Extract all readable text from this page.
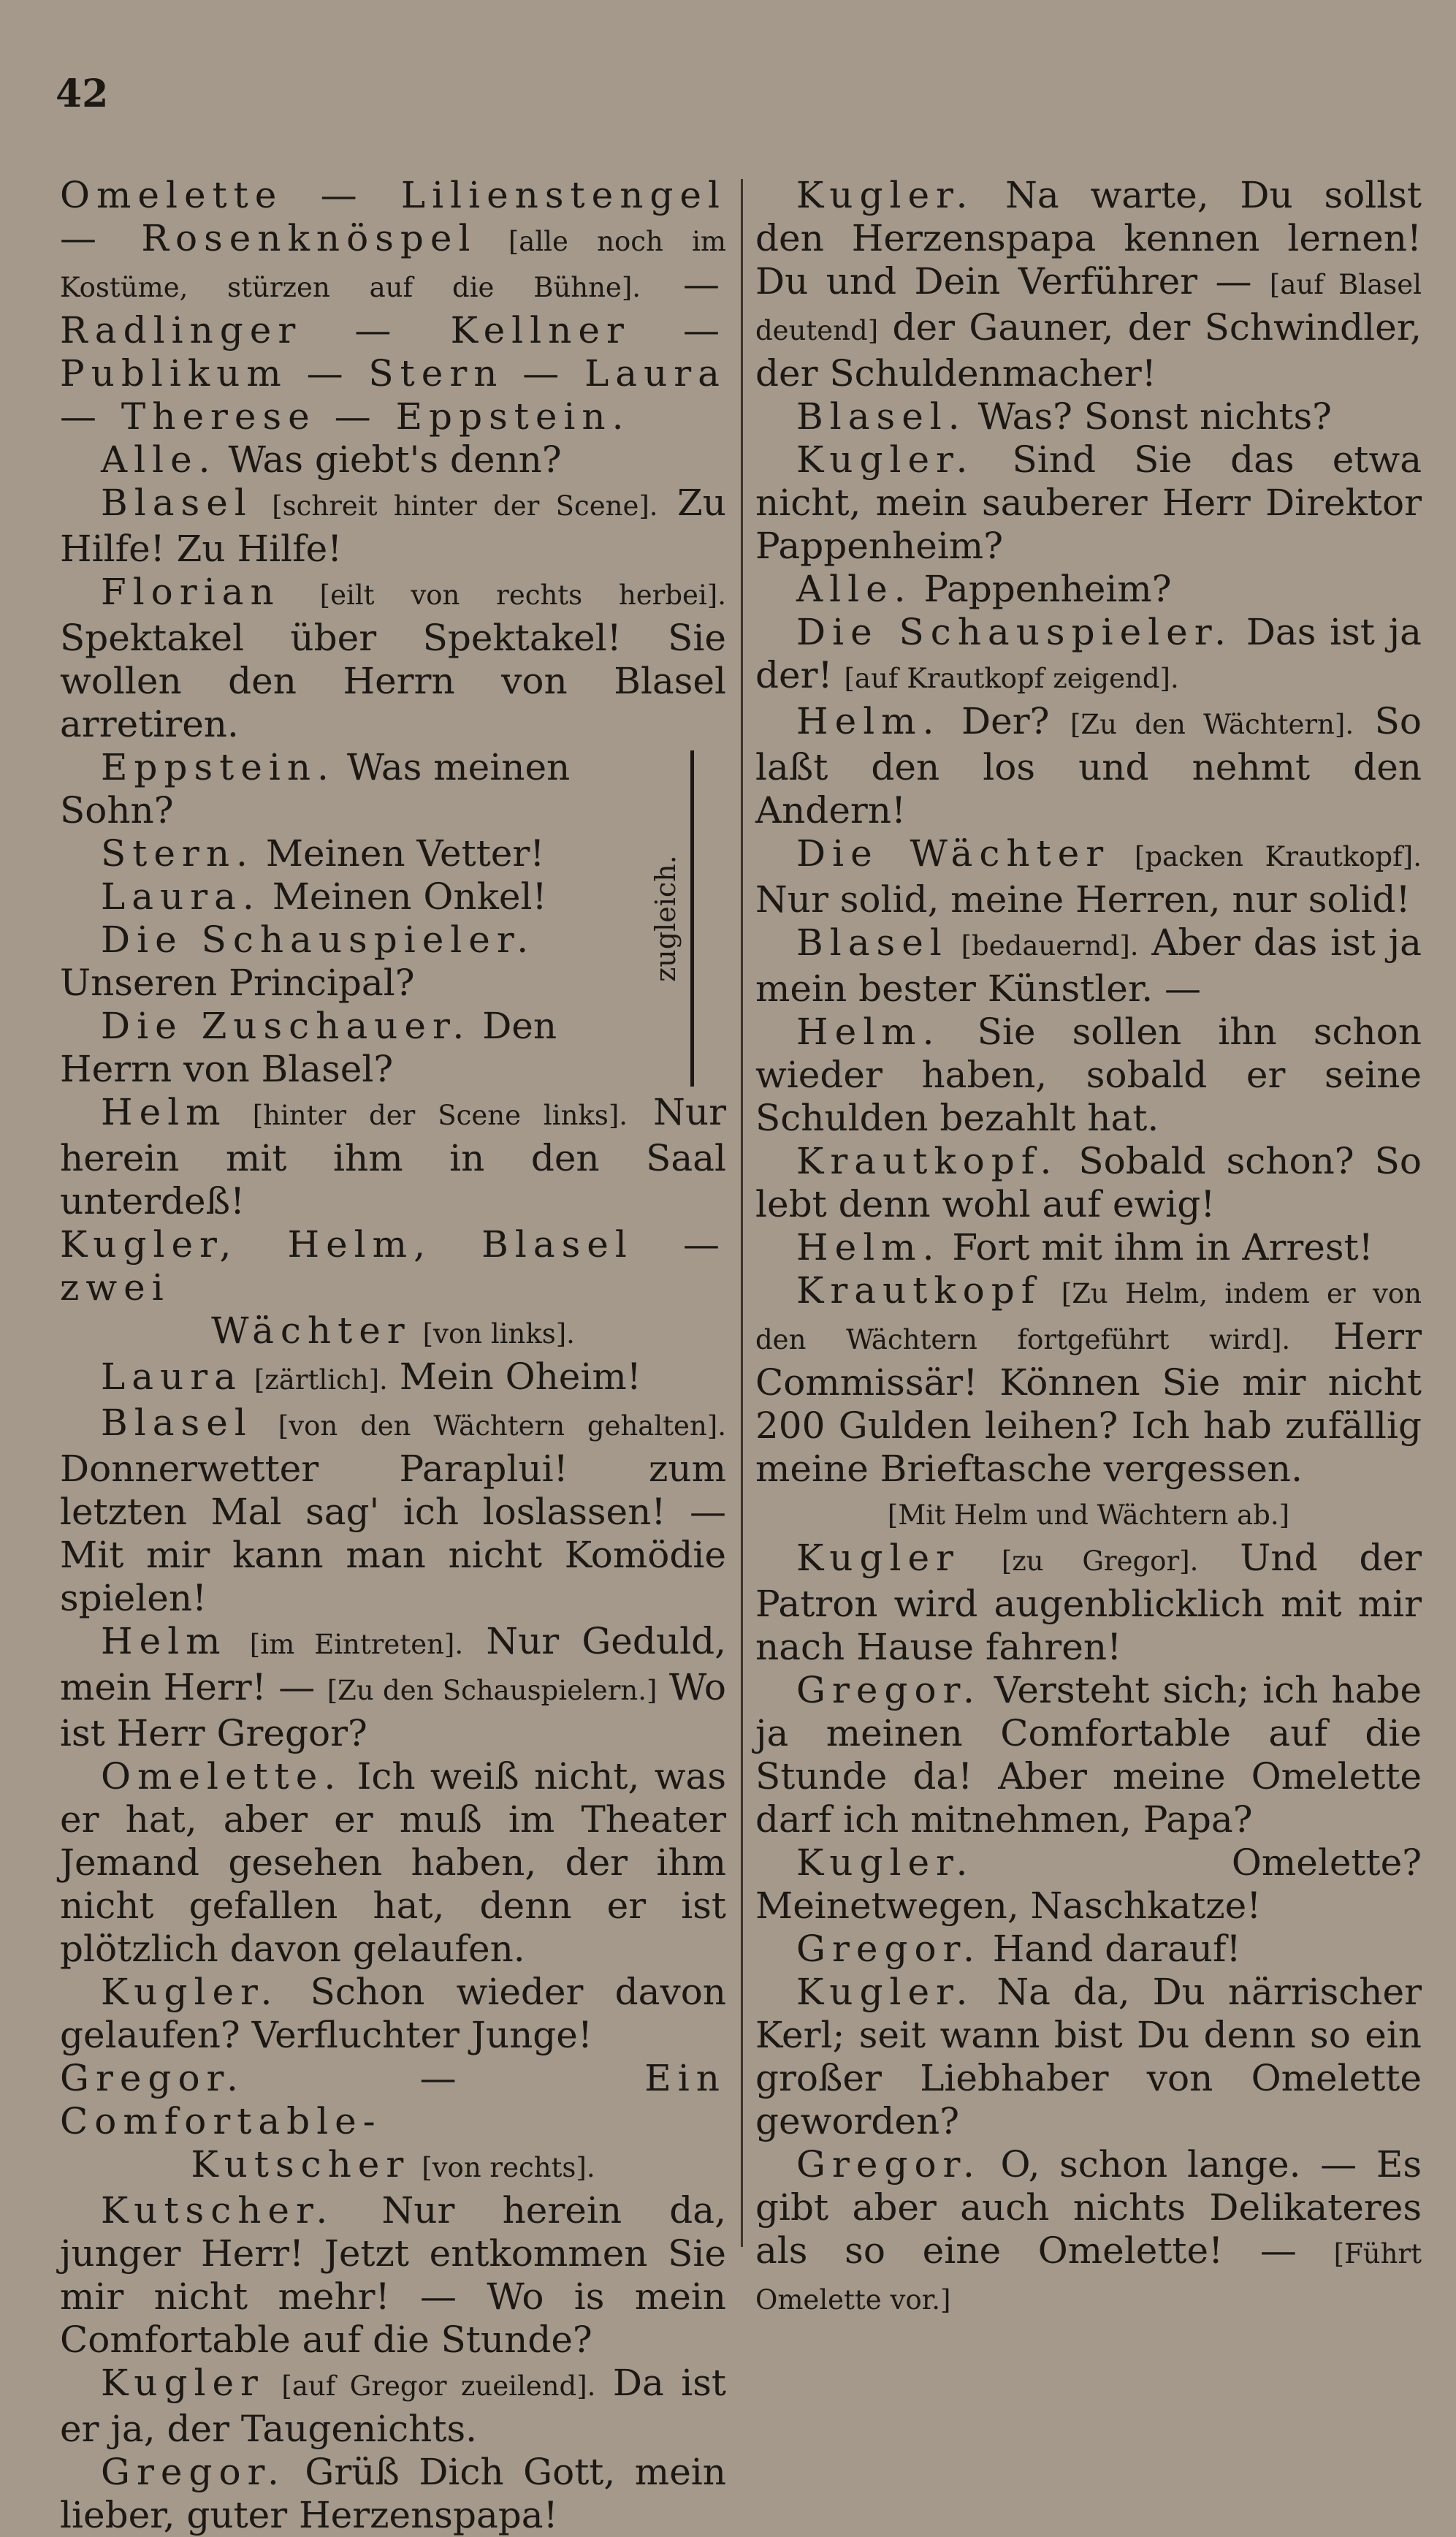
42

Omelette — Lilienstengel — Rosenknöspel [alle noch im Kostüme, stürzen auf die Bühne]. — Radlinger — Kellner — Publikum — Stern — Laura — Therese — Eppstein.

Alle. Was giebt's denn?

Blasel [schreit hinter der Scene]. Zu Hilfe! Zu Hilfe!

Florian [eilt von rechts herbei]. Spektakel über Spektakel! Sie wollen den Herrn von Blasel arretiren.

Eppstein. Was meinen Sohn?

Stern. Meinen Vetter!

Laura. Meinen Onkel!

Die Schauspieler. Unseren Principal?

Die Zuschauer. Den Herrn von Blasel?

zugleich.

Helm [hinter der Scene links]. Nur herein mit ihm in den Saal unterdeß!

Kugler, Helm, Blasel — zwei

Wächter [von links].

Laura [zärtlich]. Mein Oheim!

Blasel [von den Wächtern gehalten]. Donnerwetter Paraplui! zum letzten Mal sag' ich loslassen! — Mit mir kann man nicht Komödie spielen!

Helm [im Eintreten]. Nur Geduld, mein Herr! — [Zu den Schauspielern.] Wo ist Herr Gregor?

Omelette. Ich weiß nicht, was er hat, aber er muß im Theater Jemand gesehen haben, der ihm nicht gefallen hat, denn er ist plötzlich davon gelaufen.

Kugler. Schon wieder davon gelaufen? Verfluchter Junge!

Gregor.	— Ein Comfortable-

Kutscher [von rechts].

Kutscher. Nur herein da, junger Herr! Jetzt entkommen Sie mir nicht mehr! — Wo is mein Comfortable auf die Stunde?

Kugler [auf Gregor zueilend]. Da ist er ja, der Taugenichts.

Gregor. Grüß Dich Gott, mein lieber, guter Herzenspapa!

Kugler. Na warte, Du sollst den Herzenspapa kennen lernen! Du und Dein Verführer — [auf Blasel deutend] der Gauner, der Schwindler, der Schuldenmacher!

Blasel. Was? Sonst nichts?

Kugler. Sind Sie das etwa nicht, mein sauberer Herr Direktor Pappenheim?

Alle. Pappenheim?

Die Schauspieler. Das ist ja der! [auf Krautkopf zeigend].

Helm. Der? [Zu den Wächtern]. So laßt den los und nehmt den Andern!

Die Wächter [packen Krautkopf]. Nur solid, meine Herren, nur solid!

Blasel [bedauernd]. Aber das ist ja mein bester Künstler. —

Helm. Sie sollen ihn schon wieder haben, sobald er seine Schulden bezahlt hat.

Krautkopf. Sobald schon? So lebt denn wohl auf ewig!

Helm. Fort mit ihm in Arrest!

Krautkopf [Zu Helm, indem er von den Wächtern fortgeführt wird]. Herr Commissär! Können Sie mir nicht 200 Gulden leihen? Ich hab zufällig meine Brieftasche vergessen.

[Mit Helm und Wächtern ab.]

Kugler [zu Gregor]. Und der Patron wird augenblicklich mit mir nach Hause fahren!

Gregor. Versteht sich; ich habe ja meinen Comfortable auf die Stunde da! Aber meine Omelette darf ich mitnehmen, Papa?

Kugler.	Omelette? Meinetwegen, Naschkatze!

Gregor. Hand darauf!

Kugler. Na da, Du närrischer Kerl; seit wann bist Du denn so ein großer Liebhaber von Omelette geworden?

Gregor. O, schon lange. — Es gibt aber auch nichts Delikateres als so eine Omelette! — [Führt Omelette vor.]
